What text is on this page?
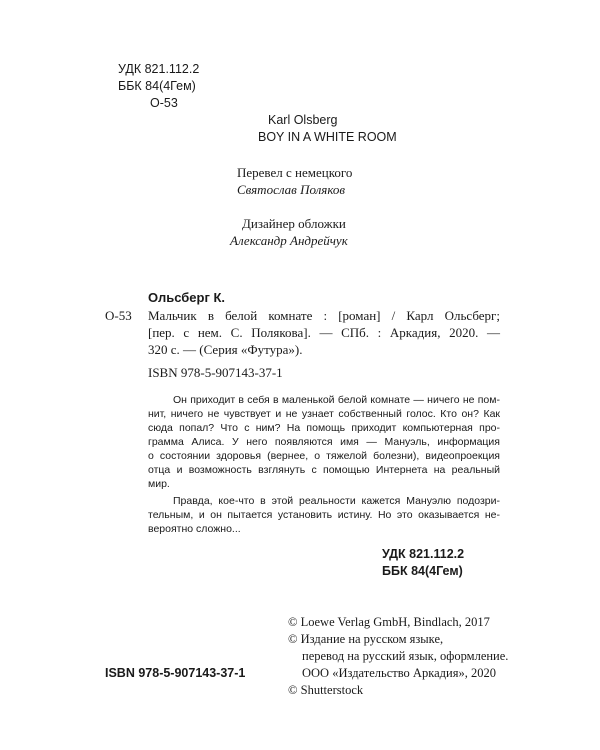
УДК 821.112.2
ББК 84(4Гем)
О-53
Karl Olsberg
BOY IN A WHITE ROOM
Перевел с немецкого
Святослав Поляков
Дизайнер обложки
Александр Андрейчук
Ольсберг К.
О-53 Мальчик в белой комнате : [роман] / Карл Ольсберг;
[пер. с нем. С. Полякова]. — СПб. : Аркадия, 2020. —
320 с. — (Серия «Футура»).
ISBN 978-5-907143-37-1
Он приходит в себя в маленькой белой комнате — ничего не пом-
нит, ничего не чувствует и не узнает собственный голос. Кто он? Как
сюда попал? Что с ним? На помощь приходит компьютерная про-
грамма Алиса. У него появляются имя — Мануэль, информация
о состоянии здоровья (вернее, о тяжелой болезни), видеопроекция
отца и возможность взглянуть с помощью Интернета на реальный
мир.
Правда, кое-что в этой реальности кажется Мануэлю подозри-
тельным, и он пытается установить истину. Но это оказывается не-
вероятно сложно...
УДК 821.112.2
ББК 84(4Гем)
© Loewe Verlag GmbH, Bindlach, 2017
© Издание на русском языке,
перевод на русский язык, оформление.
ООО «Издательство Аркадия», 2020
© Shutterstock
ISBN 978-5-907143-37-1
